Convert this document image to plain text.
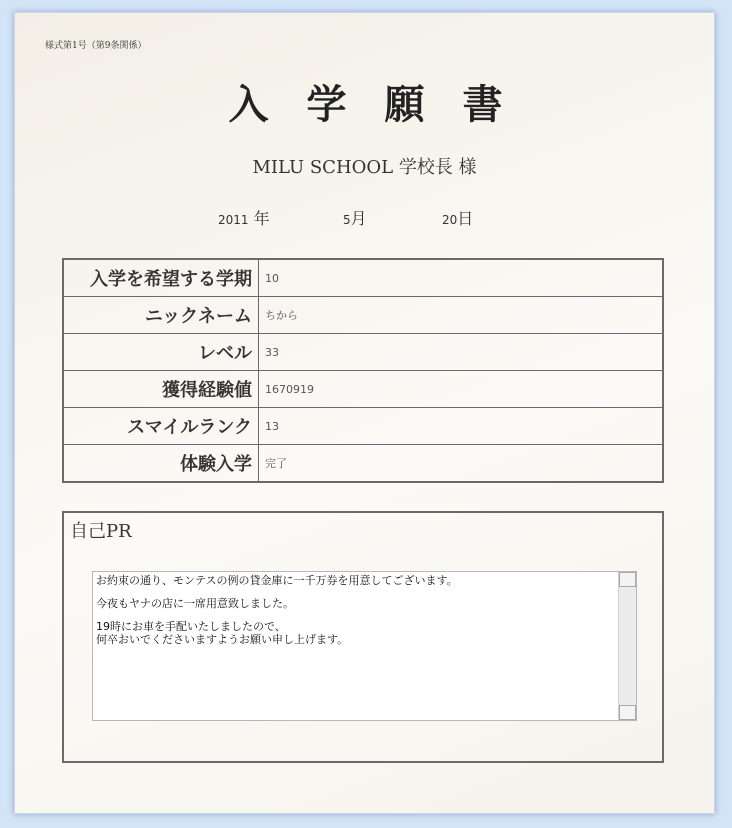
様式第1号（第9条関係）
入学願書
MILU SCHOOL 学校長 様
2011 年	5月	20日
入学を希望する学期	10
ニックネーム	ちから
レベル	33
獲得経験値	1670919
スマイルランク	13
体験入学	完了
自己PR

お約束の通り、モンテスの例の貸金庫に一千万券を用意してございます。

今夜もヤナの店に一席用意致しました。

19時にお車を手配いたしましたので、
何卒おいでくださいますようお願い申し上げます。
